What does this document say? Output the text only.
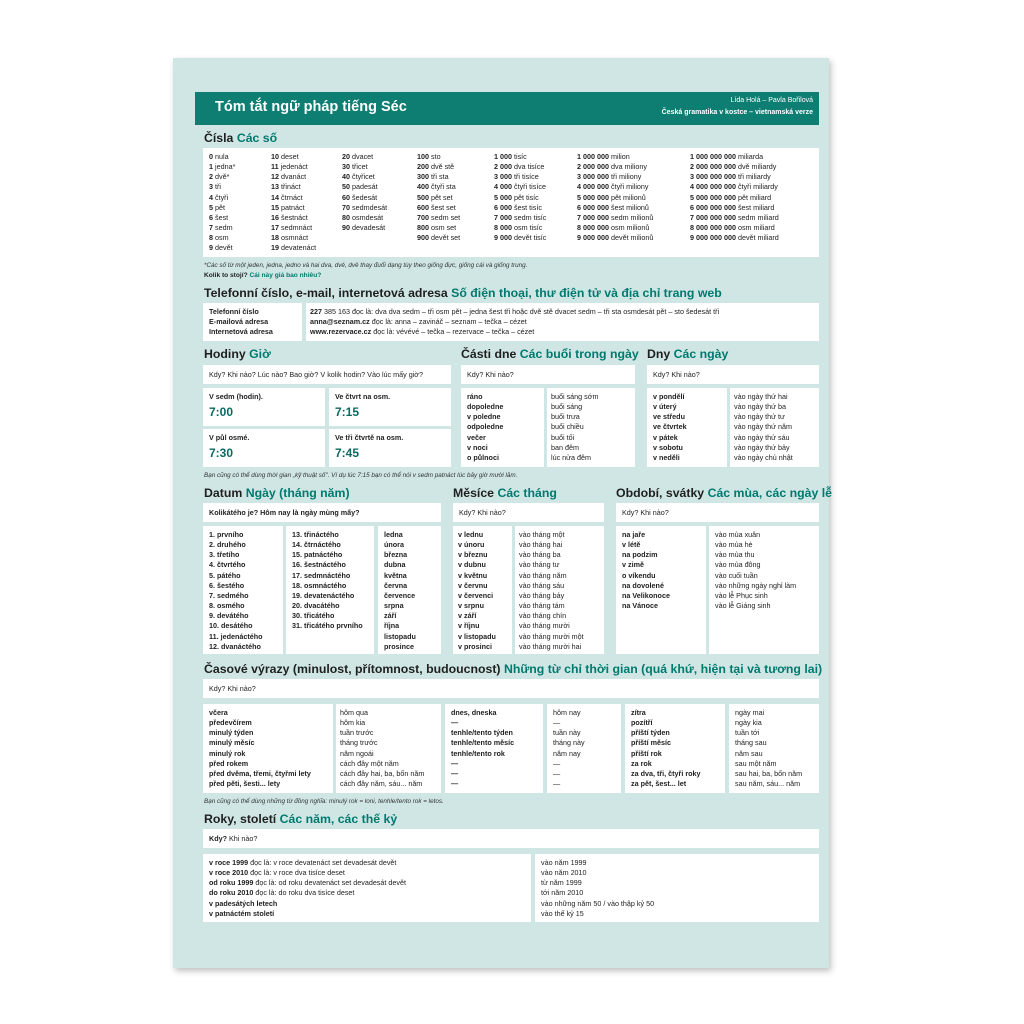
Tóm tắt ngữ pháp tiếng Séc	Lída Holá – Pavla Bořilová
Česká gramatika v kostce – vietnamská verze
Čísla Các số
0 nula
1 jedna*
2 dvě*
3 tři
4 čtyři
5 pět
6 šest
7 sedm
8 osm
9 devět
10 deset
11 jedenáct
12 dvanáct
13 třináct
14 čtrnáct
15 patnáct
16 šestnáct
17 sedmnáct
18 osmnáct
19 devatenáct
20 dvacet
30 třicet
40 čtyřicet
50 padesát
60 šedesát
70 sedmdesát
80 osmdesát
90 devadesát
100 sto
200 dvě stě
300 tři sta
400 čtyři sta
500 pět set
600 šest set
700 sedm set
800 osm set
900 devět set
1 000 tisíc
2 000 dva tisíce
3 000 tři tisíce
4 000 čtyři tisíce
5 000 pět tisíc
6 000 šest tisíc
7 000 sedm tisíc
8 000 osm tisíc
9 000 devět tisíc
1 000 000 milion
2 000 000 dva miliony
3 000 000 tři miliony
4 000 000 čtyři miliony
5 000 000 pět milionů
6 000 000 šest milionů
7 000 000 sedm milionů
8 000 000 osm milionů
9 000 000 devět milionů
1 000 000 000 miliarda
2 000 000 000 dvě miliardy
3 000 000 000 tři miliardy
4 000 000 000 čtyři miliardy
5 000 000 000 pět miliard
6 000 000 000 šest miliard
7 000 000 000 sedm miliard
8 000 000 000 osm miliard
9 000 000 000 devět miliard
*Các số từ một jeden, jedna, jedno và hai dva, dvě, dvě thay đuổi dạng tùy theo giống đực, giống cái và giống trung.
Kolik to stojí? Cái này giá bao nhiêu?
Telefonní číslo, e-mail, internetová adresa Số điện thoại, thư điện tử và địa chỉ trang web
Telefonní číslo
E-mailová adresa
Internetová adresa
227 385 163 đọc là: dva dva sedm – tři osm pět – jedna šest tři hoặc dvě stě dvacet sedm – tři sta osmdesát pět – sto šedesát tři
anna@seznam.cz đọc là: anna – zavináč – seznam – tečka – cézet
www.rezervace.cz đọc là: vévévé – tečka – rezervace – tečka – cézet
Hodiny Giờ
Kdy? Khi nào? Lúc nào? Bao giờ? V kolik hodin? Vào lúc mấy giờ?
V sedm (hodin).
7:00
Ve čtvrt na osm.
7:15
V půl osmé.
7:30
Ve tři čtvrtě na osm.
7:45
Bạn cũng có thể dùng thời gian „kỹ thuật số". Ví dụ lúc 7:15 bạn có thể nói v sedm patnáct lúc bảy giờ mười lăm.
Části dne Các buổi trong ngày
Kdy? Khi nào?
ráno
dopoledne
v poledne
odpoledne
večer
v noci
o půlnoci
buổi sáng sớm
buổi sáng
buổi trưa
buổi chiều
buổi tối
ban đêm
lúc nửa đêm
Dny Các ngày
Kdy? Khi nào?
v pondělí
v úterý
ve středu
ve čtvrtek
v pátek
v sobotu
v neděli
vào ngày thứ hai
vào ngày thứ ba
vào ngày thứ tư
vào ngày thứ năm
vào ngày thứ sáu
vào ngày thứ bảy
vào ngày chủ nhật
Datum Ngày (tháng năm)
Kolikátého je? Hôm nay là ngày mùng mấy?
1. prvního
2. druhého
3. třetího
4. čtvrtého
5. pátého
6. šestého
7. sedmého
8. osmého
9. devátého
10. desátého
11. jedenáctého
12. dvanáctého
13. třináctého
14. čtrnáctého
15. patnáctého
16. šestnáctého
17. sedmnáctého
18. osmnáctého
19. devatenáctého
20. dvacátého
30. třicátého
31. třicátého prvního
ledna
února
března
dubna
května
června
července
srpna
září
října
listopadu
prosince
Měsíce Các tháng
Kdy? Khi nào?
v lednu
v únoru
v březnu
v dubnu
v květnu
v červnu
v červenci
v srpnu
v září
v říjnu
v listopadu
v prosinci
vào tháng một
vào tháng hai
vào tháng ba
vào tháng tư
vào tháng năm
vào tháng sáu
vào tháng bảy
vào tháng tám
vào tháng chín
vào tháng mười
vào tháng mười một
vào tháng mười hai
Období, svátky Các mùa, các ngày lễ
Kdy? Khi nào?
na jaře
v létě
na podzim
v zimě
o víkendu
na dovolené
na Velikonoce
na Vánoce
vào mùa xuân
vào mùa hè
vào mùa thu
vào mùa đông
vào cuối tuần
vào những ngày nghỉ làm
vào lễ Phục sinh
vào lễ Giáng sinh
Časové výrazy (minulost, přítomnost, budoucnost) Những từ chỉ thời gian (quá khứ, hiện tại và tương lai)
Kdy? Khi nào?
včera
předevčírem
minulý týden
minulý měsíc
minulý rok
před rokem
před dvěma, třemi, čtyřmi lety
před pěti, šesti... lety
hôm qua
hôm kia
tuần trước
tháng trước
năm ngoái
cách đây một năm
cách đây hai, ba, bốn năm
cách đây năm, sáu... năm
dnes, dneska
—
tenhle/tento týden
tenhle/tento měsíc
tenhle/tento rok
—
—
—
hôm nay
—
tuần này
tháng này
năm nay
—
—
—
zítra
pozítří
příští týden
příští měsíc
příští rok
za rok
za dva, tři, čtyři roky
za pět, šest... let
ngày mai
ngày kia
tuần tới
tháng sau
năm sau
sau một năm
sau hai, ba, bốn năm
sau năm, sáu... năm
Bạn cũng có thể dùng những từ đồng nghĩa: minulý rok = loni, tenhle/tento rok = letos.
Roky, století Các năm, các thế kỷ
Kdy? Khi nào?
v roce 1999 đọc là: v roce devatenáct set devadesát devět
v roce 2010 đọc là: v roce dva tisíce deset
od roku 1999 đọc là: od roku devatenáct set devadesát devět
do roku 2010 đọc là: do roku dva tisíce deset
v padesátých letech
v patnáctém století
vào năm 1999
vào năm 2010
từ năm 1999
tới năm 2010
vào những năm 50 / vào thập kỷ 50
vào thế kỷ 15
